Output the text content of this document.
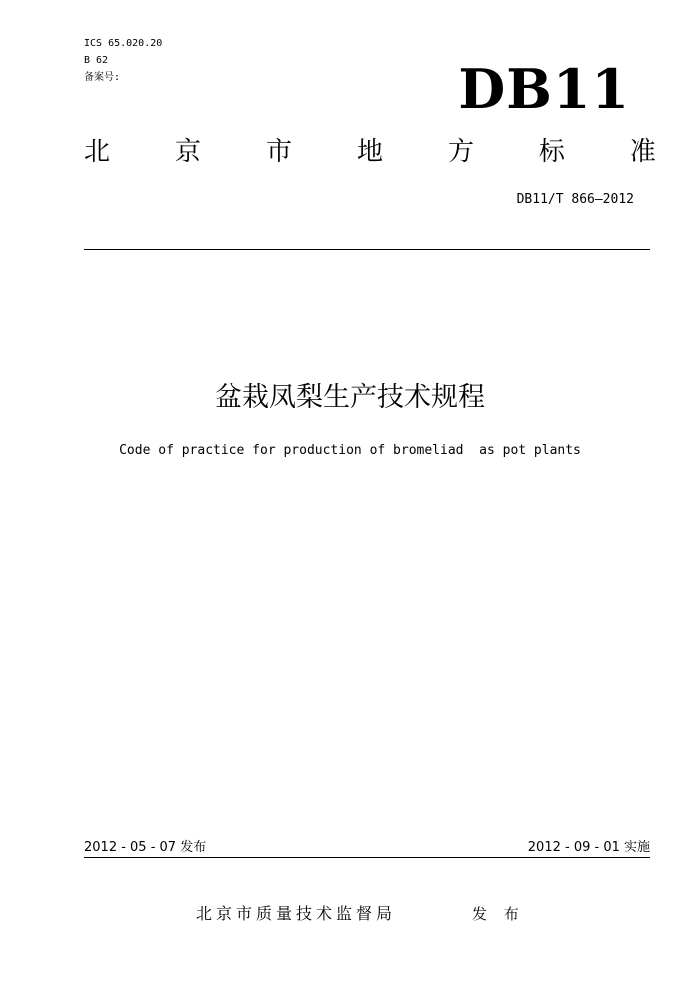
ICS 65.020.20
B 62
备案号:	DB11
北 京 市 地 方 标 准
DB11/T 866—2012
盆栽凤梨生产技术规程
Code of practice for production of bromeliad  as pot plants
2012 - 05 - 07 发布	2012 - 09 - 01 实施
北京市质量技术监督局	发 布
